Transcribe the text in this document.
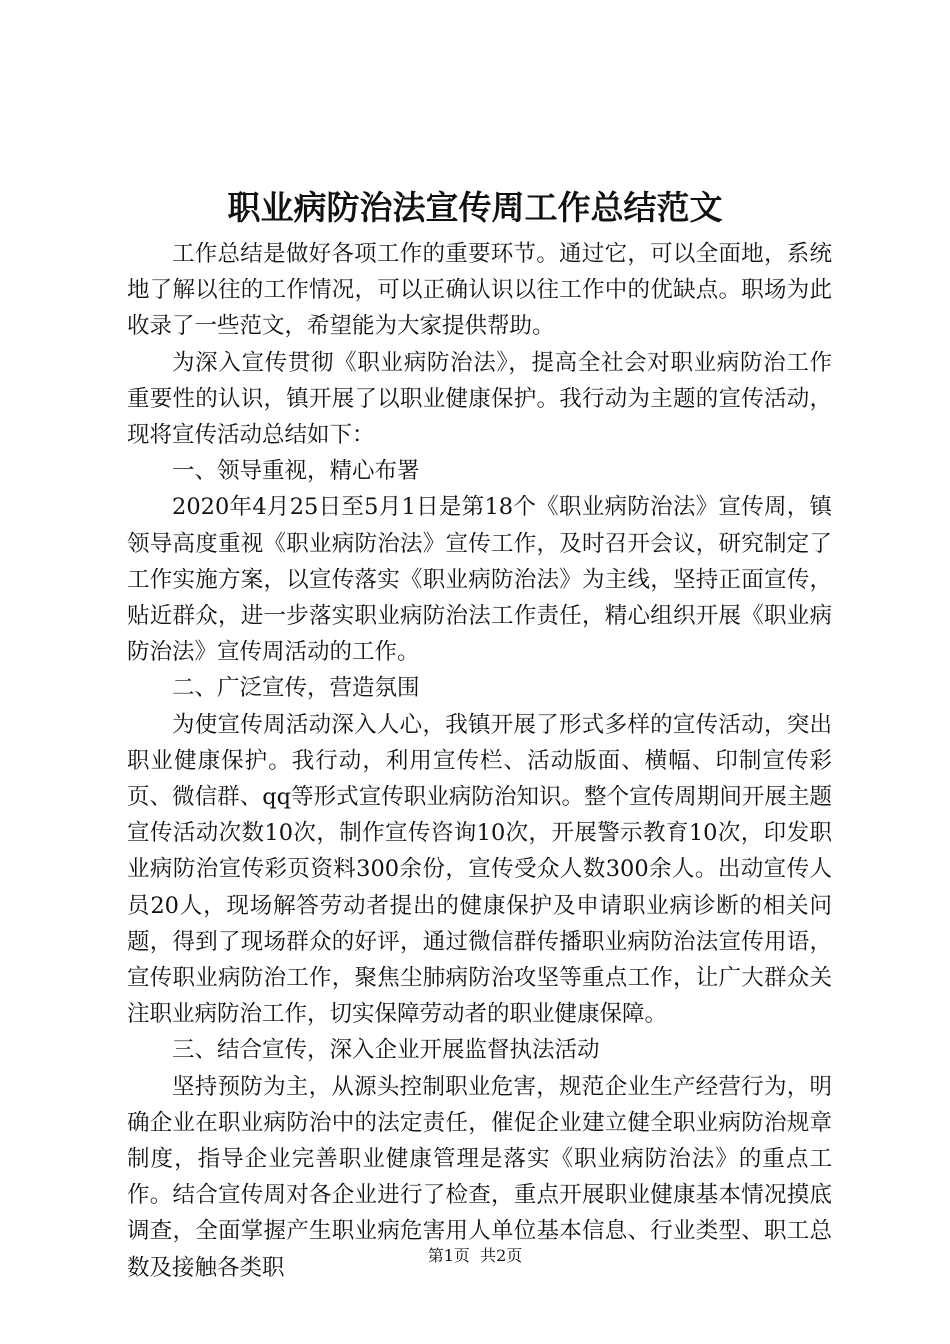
职业病防治法宣传周工作总结范文

工作总结是做好各项工作的重要环节。通过它，可以全面地，系统地了解以往的工作情况，可以正确认识以往工作中的优缺点。职场为此收录了一些范文，希望能为大家提供帮助。

为深入宣传贯彻《职业病防治法》，提高全社会对职业病防治工作重要性的认识，镇开展了以职业健康保护。我行动为主题的宣传活动，现将宣传活动总结如下：

一、领导重视，精心布署

2020年4月25日至5月1日是第18个《职业病防治法》宣传周，镇领导高度重视《职业病防治法》宣传工作，及时召开会议，研究制定了工作实施方案，以宣传落实《职业病防治法》为主线，坚持正面宣传，贴近群众，进一步落实职业病防治法工作责任，精心组织开展《职业病防治法》宣传周活动的工作。

二、广泛宣传，营造氛围

为使宣传周活动深入人心，我镇开展了形式多样的宣传活动，突出职业健康保护。我行动，利用宣传栏、活动版面、横幅、印制宣传彩页、微信群、qq等形式宣传职业病防治知识。整个宣传周期间开展主题宣传活动次数10次，制作宣传咨询10次，开展警示教育10次，印发职业病防治宣传彩页资料300余份，宣传受众人数300余人。出动宣传人员20人，现场解答劳动者提出的健康保护及申请职业病诊断的相关问题，得到了现场群众的好评，通过微信群传播职业病防治法宣传用语，宣传职业病防治工作，聚焦尘肺病防治攻坚等重点工作，让广大群众关注职业病防治工作，切实保障劳动者的职业健康保障。

三、结合宣传，深入企业开展监督执法活动

坚持预防为主，从源头控制职业危害，规范企业生产经营行为，明确企业在职业病防治中的法定责任，催促企业建立健全职业病防治规章制度，指导企业完善职业健康管理是落实《职业病防治法》的重点工作。结合宣传周对各企业进行了检查，重点开展职业健康基本情况摸底调查，全面掌握产生职业病危害用人单位基本信息、行业类型、职工总数及接触各类职	第1页  共2页
